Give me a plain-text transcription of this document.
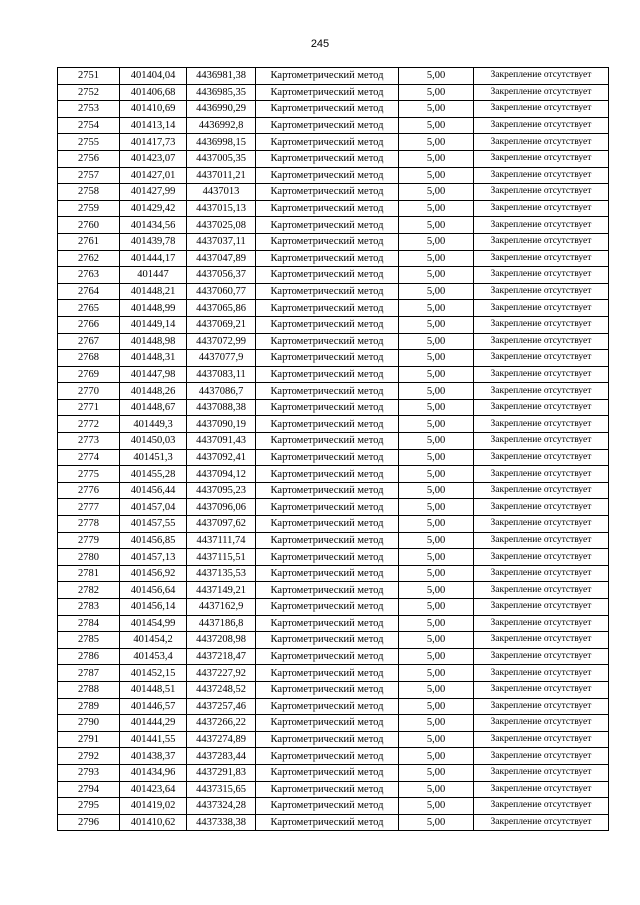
245
2751	401404,04	4436981,38	Картометрический метод	5,00	Закрепление отсутствует
2752	401406,68	4436985,35	Картометрический метод	5,00	Закрепление отсутствует
2753	401410,69	4436990,29	Картометрический метод	5,00	Закрепление отсутствует
2754	401413,14	4436992,8	Картометрический метод	5,00	Закрепление отсутствует
2755	401417,73	4436998,15	Картометрический метод	5,00	Закрепление отсутствует
2756	401423,07	4437005,35	Картометрический метод	5,00	Закрепление отсутствует
2757	401427,01	4437011,21	Картометрический метод	5,00	Закрепление отсутствует
2758	401427,99	4437013	Картометрический метод	5,00	Закрепление отсутствует
2759	401429,42	4437015,13	Картометрический метод	5,00	Закрепление отсутствует
2760	401434,56	4437025,08	Картометрический метод	5,00	Закрепление отсутствует
2761	401439,78	4437037,11	Картометрический метод	5,00	Закрепление отсутствует
2762	401444,17	4437047,89	Картометрический метод	5,00	Закрепление отсутствует
2763	401447	4437056,37	Картометрический метод	5,00	Закрепление отсутствует
2764	401448,21	4437060,77	Картометрический метод	5,00	Закрепление отсутствует
2765	401448,99	4437065,86	Картометрический метод	5,00	Закрепление отсутствует
2766	401449,14	4437069,21	Картометрический метод	5,00	Закрепление отсутствует
2767	401448,98	4437072,99	Картометрический метод	5,00	Закрепление отсутствует
2768	401448,31	4437077,9	Картометрический метод	5,00	Закрепление отсутствует
2769	401447,98	4437083,11	Картометрический метод	5,00	Закрепление отсутствует
2770	401448,26	4437086,7	Картометрический метод	5,00	Закрепление отсутствует
2771	401448,67	4437088,38	Картометрический метод	5,00	Закрепление отсутствует
2772	401449,3	4437090,19	Картометрический метод	5,00	Закрепление отсутствует
2773	401450,03	4437091,43	Картометрический метод	5,00	Закрепление отсутствует
2774	401451,3	4437092,41	Картометрический метод	5,00	Закрепление отсутствует
2775	401455,28	4437094,12	Картометрический метод	5,00	Закрепление отсутствует
2776	401456,44	4437095,23	Картометрический метод	5,00	Закрепление отсутствует
2777	401457,04	4437096,06	Картометрический метод	5,00	Закрепление отсутствует
2778	401457,55	4437097,62	Картометрический метод	5,00	Закрепление отсутствует
2779	401456,85	4437111,74	Картометрический метод	5,00	Закрепление отсутствует
2780	401457,13	4437115,51	Картометрический метод	5,00	Закрепление отсутствует
2781	401456,92	4437135,53	Картометрический метод	5,00	Закрепление отсутствует
2782	401456,64	4437149,21	Картометрический метод	5,00	Закрепление отсутствует
2783	401456,14	4437162,9	Картометрический метод	5,00	Закрепление отсутствует
2784	401454,99	4437186,8	Картометрический метод	5,00	Закрепление отсутствует
2785	401454,2	4437208,98	Картометрический метод	5,00	Закрепление отсутствует
2786	401453,4	4437218,47	Картометрический метод	5,00	Закрепление отсутствует
2787	401452,15	4437227,92	Картометрический метод	5,00	Закрепление отсутствует
2788	401448,51	4437248,52	Картометрический метод	5,00	Закрепление отсутствует
2789	401446,57	4437257,46	Картометрический метод	5,00	Закрепление отсутствует
2790	401444,29	4437266,22	Картометрический метод	5,00	Закрепление отсутствует
2791	401441,55	4437274,89	Картометрический метод	5,00	Закрепление отсутствует
2792	401438,37	4437283,44	Картометрический метод	5,00	Закрепление отсутствует
2793	401434,96	4437291,83	Картометрический метод	5,00	Закрепление отсутствует
2794	401423,64	4437315,65	Картометрический метод	5,00	Закрепление отсутствует
2795	401419,02	4437324,28	Картометрический метод	5,00	Закрепление отсутствует
2796	401410,62	4437338,38	Картометрический метод	5,00	Закрепление отсутствует
